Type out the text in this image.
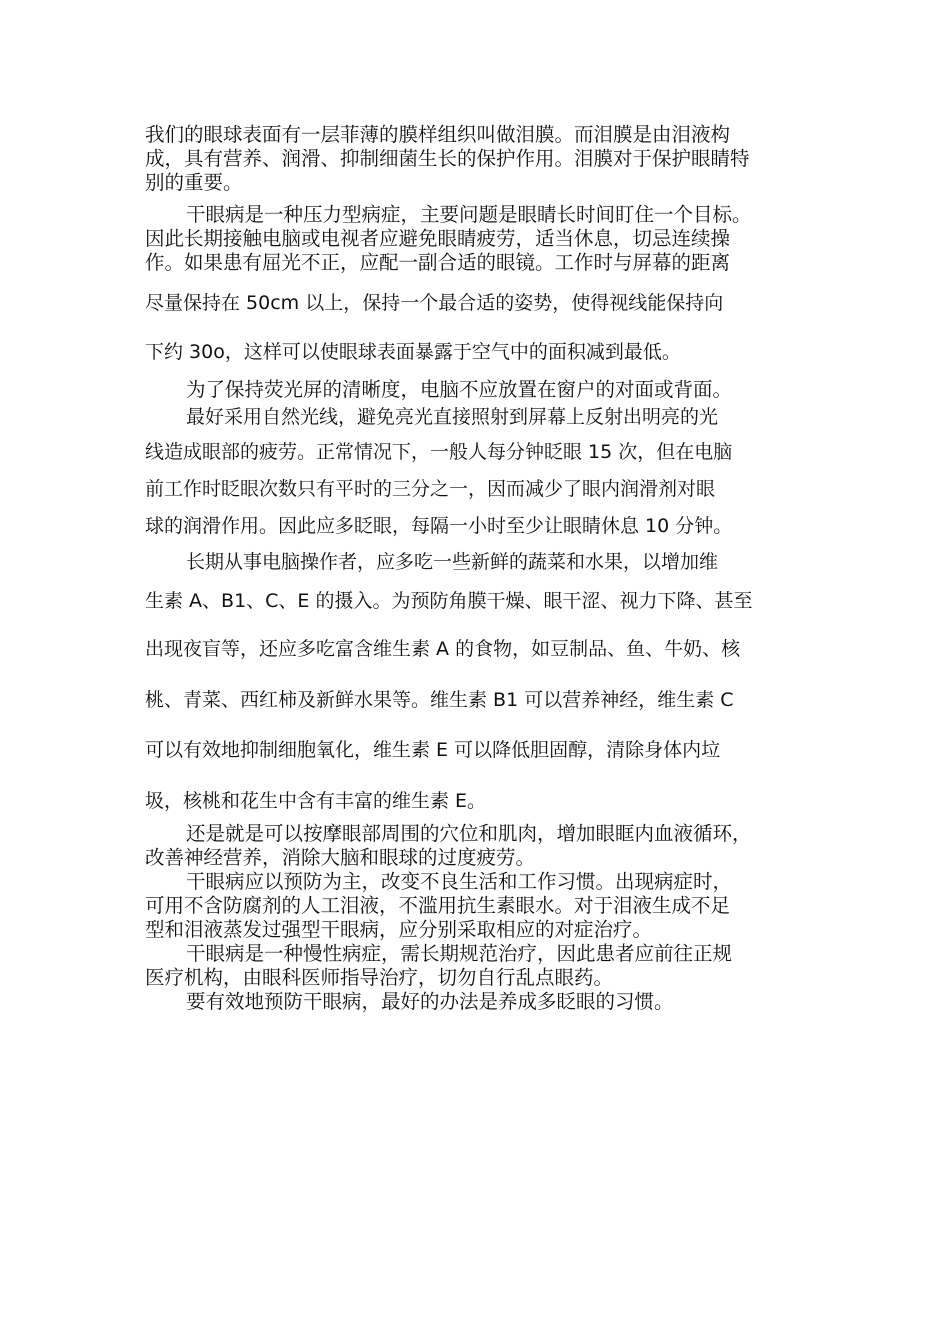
我们的眼球表面有一层菲薄的膜样组织叫做泪膜。而泪膜是由泪液构
成，具有营养、润滑、抑制细菌生长的保护作用。泪膜对于保护眼睛特
别的重要。
干眼病是一种压力型病症，主要问题是眼睛长时间盯住一个目标。
因此长期接触电脑或电视者应避免眼睛疲劳，适当休息，切忌连续操
作。如果患有屈光不正，应配一副合适的眼镜。工作时与屏幕的距离
尽量保持在 50cm 以上，保持一个最合适的姿势，使得视线能保持向
下约 30o，这样可以使眼球表面暴露于空气中的面积减到最低。
为了保持荧光屏的清晰度，电脑不应放置在窗户的对面或背面。
最好采用自然光线，避免亮光直接照射到屏幕上反射出明亮的光
线造成眼部的疲劳。正常情况下，一般人每分钟眨眼 15 次，但在电脑
前工作时眨眼次数只有平时的三分之一，因而减少了眼内润滑剂对眼
球的润滑作用。因此应多眨眼，每隔一小时至少让眼睛休息 10 分钟。
长期从事电脑操作者，应多吃一些新鲜的蔬菜和水果，以增加维
生素 A、B1、C、E 的摄入。为预防角膜干燥、眼干涩、视力下降、甚至
出现夜盲等，还应多吃富含维生素 A 的食物，如豆制品、鱼、牛奶、核
桃、青菜、西红柿及新鲜水果等。维生素 B1 可以营养神经，维生素 C
可以有效地抑制细胞氧化，维生素 E 可以降低胆固醇，清除身体内垃
圾，核桃和花生中含有丰富的维生素 E。
还是就是可以按摩眼部周围的穴位和肌肉，增加眼眶内血液循环，
改善神经营养，消除大脑和眼球的过度疲劳。
干眼病应以预防为主，改变不良生活和工作习惯。出现病症时，
可用不含防腐剂的人工泪液，不滥用抗生素眼水。对于泪液生成不足
型和泪液蒸发过强型干眼病，应分别采取相应的对症治疗。
干眼病是一种慢性病症，需长期规范治疗，因此患者应前往正规
医疗机构，由眼科医师指导治疗，切勿自行乱点眼药。
要有效地预防干眼病，最好的办法是养成多眨眼的习惯。
